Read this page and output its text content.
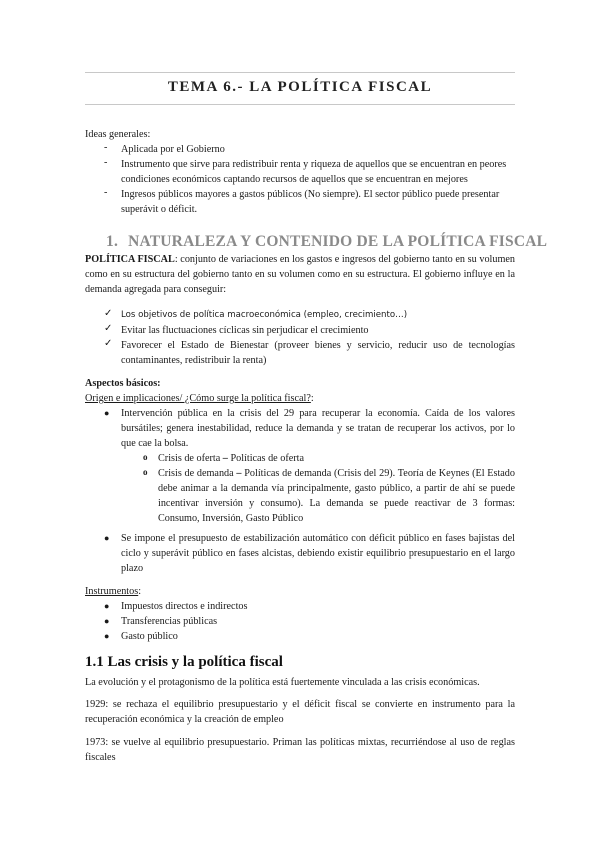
TEMA 6.- LA POLÍTICA FISCAL
Ideas generales:
- Aplicada por el Gobierno
- Instrumento que sirve para redistribuir renta y riqueza de aquellos que se encuentran en peores condiciones económicos captando recursos de aquellos que se encuentran en mejores
- Ingresos públicos mayores a gastos públicos (No siempre). El sector público puede presentar superávit o déficit.
1. NATURALEZA Y CONTENIDO DE LA POLÍTICA FISCAL
POLÍTICA FISCAL: conjunto de variaciones en los gastos e ingresos del gobierno tanto en su volumen como en su estructura del gobierno tanto en su volumen como en su estructura. El gobierno influye en la demanda agregada para conseguir:
✓ Los objetivos de política macroeconómica (empleo, crecimiento…)
✓ Evitar las fluctuaciones cíclicas sin perjudicar el crecimiento
✓ Favorecer el Estado de Bienestar (proveer bienes y servicio, reducir uso de tecnologías contaminantes, redistribuir la renta)
Aspectos básicos:
Origen e implicaciones/ ¿Cómo surge la política fiscal?:
● Intervención pública en la crisis del 29 para recuperar la economía. Caída de los valores bursátiles; genera inestabilidad, reduce la demanda y se tratan de recuperar los activos, por lo que cae la bolsa.
o Crisis de oferta – Políticas de oferta
o Crisis de demanda – Políticas de demanda (Crisis del 29). Teoría de Keynes (El Estado debe animar a la demanda vía principalmente, gasto público, a partir de ahí se puede incentivar inversión y consumo). La demanda se puede reactivar de 3 formas: Consumo, Inversión, Gasto Público
● Se impone el presupuesto de estabilización automático con déficit público en fases bajistas del ciclo y superávit público en fases alcistas, debiendo existir equilibrio presupuestario en el largo plazo
Instrumentos:
● Impuestos directos e indirectos
● Transferencias públicas
● Gasto público
1.1 Las crisis y la política fiscal
La evolución y el protagonismo de la política está fuertemente vinculada a las crisis económicas.
1929: se rechaza el equilibrio presupuestario y el déficit fiscal se convierte en instrumento para la recuperación económica y la creación de empleo
1973: se vuelve al equilibrio presupuestario. Priman las políticas mixtas, recurriéndose al uso de reglas fiscales
